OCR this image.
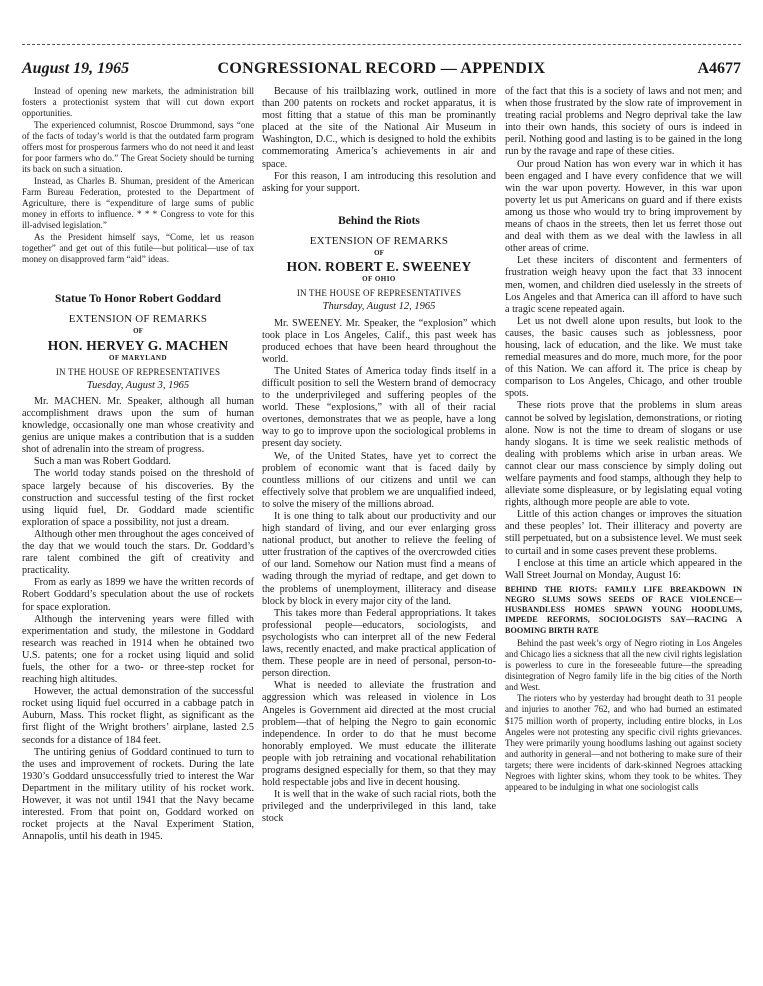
August 19, 1965	CONGRESSIONAL RECORD — APPENDIX	A4677

Instead of opening new markets, the administration bill fosters a protectionist system that will cut down export opportunities.

The experienced columnist, Roscoe Drummond, says “one of the facts of today’s world is that the outdated farm program offers most for prosperous farmers who do not need it and least for poor farmers who do.” The Great Society should be turning its back on such a situation.

Instead, as Charles B. Shuman, president of the American Farm Bureau Federation, protested to the Department of Agriculture, there is “expenditure of large sums of public money in efforts to influence. * * * Congress to vote for this ill-advised legislation.”

As the President himself says, “Come, let us reason together” and get out of this futile—but political—use of tax money on disapproved farm “aid” ideas.

Statue To Honor Robert Goddard
EXTENSION OF REMARKS
OF
HON. HERVEY G. MACHEN
OF MARYLAND
IN THE HOUSE OF REPRESENTATIVES
Tuesday, August 3, 1965

Mr. MACHEN. Mr. Speaker, although all human accomplishment draws upon the sum of human knowledge, occasionally one man whose creativity and genius are unique makes a contribution that is a sudden shot of adrenalin into the stream of progress.

Such a man was Robert Goddard.

The world today stands poised on the threshold of space largely because of his discoveries. By the construction and successful testing of the first rocket using liquid fuel, Dr. Goddard made scientific exploration of space a possibility, not just a dream.

Although other men throughout the ages conceived of the day that we would touch the stars. Dr. Goddard’s rare talent combined the gift of creativity and practicality.

From as early as 1899 we have the written records of Robert Goddard’s speculation about the use of rockets for space exploration.

Although the intervening years were filled with experimentation and study, the milestone in Goddard research was reached in 1914 when he obtained two U.S. patents; one for a rocket using liquid and solid fuels, the other for a two- or three-step rocket for reaching high altitudes.

However, the actual demonstration of the successful rocket using liquid fuel occurred in a cabbage patch in Auburn, Mass. This rocket flight, as significant as the first flight of the Wright brothers’ airplane, lasted 2.5 seconds for a distance of 184 feet.

The untiring genius of Goddard continued to turn to the uses and improvement of rockets. During the late 1930’s Goddard unsuccessfully tried to interest the War Department in the military utility of his rocket work. However, it was not until 1941 that the Navy became interested. From that point on, Goddard worked on rocket projects at the Naval Experiment Station, Annapolis, until his death in 1945.

Because of his trailblazing work, outlined in more than 200 patents on rockets and rocket apparatus, it is most fitting that a statue of this man be prominantly placed at the site of the National Air Museum in Washington, D.C., which is designed to hold the exhibits commemorating America’s achievements in air and space.

For this reason, I am introducing this resolution and asking for your support.

Behind the Riots
EXTENSION OF REMARKS
OF
HON. ROBERT E. SWEENEY
OF OHIO
IN THE HOUSE OF REPRESENTATIVES
Thursday, August 12, 1965

Mr. SWEENEY. Mr. Speaker, the “explosion” which took place in Los Angeles, Calif., this past week has produced echoes that have been heard throughout the world.

The United States of America today finds itself in a difficult position to sell the Western brand of democracy to the underprivileged and suffering peoples of the world. These “explosions,” with all of their racial overtones, demonstrates that we as people, have a long way to go to improve upon the sociological problems in present day society.

We, of the United States, have yet to correct the problem of economic want that is faced daily by countless millions of our citizens and until we can effectively solve that problem we are unqualified indeed, to solve the misery of the millions abroad.

It is one thing to talk about our productivity and our high standard of living, and our ever enlarging gross national product, but another to relieve the feeling of utter frustration of the captives of the overcrowded cities of our land. Somehow our Nation must find a means of wading through the myriad of redtape, and get down to the problems of unemployment, illiteracy and disease block by block in every major city of the land.

This takes more than Federal appropriations. It takes professional people—educators, sociologists, and psychologists who can interpret all of the new Federal laws, recently enacted, and make practical application of them. These people are in need of personal, person-to-person direction.

What is needed to alleviate the frustration and aggression which was released in violence in Los Angeles is Government aid directed at the most crucial problem—that of helping the Negro to gain economic independence. In order to do that he must become honorably employed. We must educate the illiterate people with job retraining and vocational rehabilitation programs designed especially for them, so that they may hold respectable jobs and live in decent housing.

It is well that in the wake of such racial riots, both the privileged and the underprivileged in this land, take stock

of the fact that this is a society of laws and not men; and when those frustrated by the slow rate of improvement in treating racial problems and Negro deprival take the law into their own hands, this society of ours is indeed in peril. Nothing good and lasting is to be gained in the long run by the ravage and rape of these cities.

Our proud Nation has won every war in which it has been engaged and I have every confidence that we will win the war upon poverty. However, in this war upon poverty let us put Americans on guard and if there exists among us those who would try to bring improvement by means of chaos in the streets, then let us ferret those out and deal with them as we deal with the lawless in all other areas of crime.

Let these inciters of discontent and fermenters of frustration weigh heavy upon the fact that 33 innocent men, women, and children died uselessly in the streets of Los Angeles and that America can ill afford to have such a tragic scene repeated again.

Let us not dwell alone upon results, but look to the causes, the basic causes such as joblessness, poor housing, lack of education, and the like. We must take remedial measures and do more, much more, for the poor of this Nation. We can afford it. The price is cheap by comparison to Los Angeles, Chicago, and other trouble spots.

These riots prove that the problems in slum areas cannot be solved by legislation, demonstrations, or rioting alone. Now is not the time to dream of slogans or use handy slogans. It is time we seek realistic methods of dealing with problems which arise in urban areas. We cannot clear our mass conscience by simply doling out welfare payments and food stamps, although they help to alleviate some displeasure, or by legislating equal voting rights, although more people are able to vote.

Little of this action changes or improves the situation and these peoples’ lot. Their illiteracy and poverty are still perpetuated, but on a subsistence level. We must seek to curtail and in some cases prevent these problems.

I enclose at this time an article which appeared in the Wall Street Journal on Monday, August 16:

BEHIND THE RIOTS: FAMILY LIFE BREAKDOWN IN NEGRO SLUMS SOWS SEEDS OF RACE VIOLENCE—HUSBANDLESS HOMES SPAWN YOUNG HOODLUMS, IMPEDE REFORMS, SOCIOLOGISTS SAY—RACING A BOOMING BIRTH RATE

Behind the past week’s orgy of Negro rioting in Los Angeles and Chicago lies a sickness that all the new civil rights legislation is powerless to cure in the foreseeable future—the spreading disintegration of Negro family life in the big cities of the North and West.

The rioters who by yesterday had brought death to 31 people and injuries to another 762, and who had burned an estimated $175 million worth of property, including entire blocks, in Los Angeles were not protesting any specific civil rights grievances. They were primarily young hoodlums lashing out against society and authority in general—and not bothering to make sure of their targets; there were incidents of dark-skinned Negroes attacking Negroes with lighter skins, whom they took to be whites. They appeared to be indulging in what one sociologist calls
